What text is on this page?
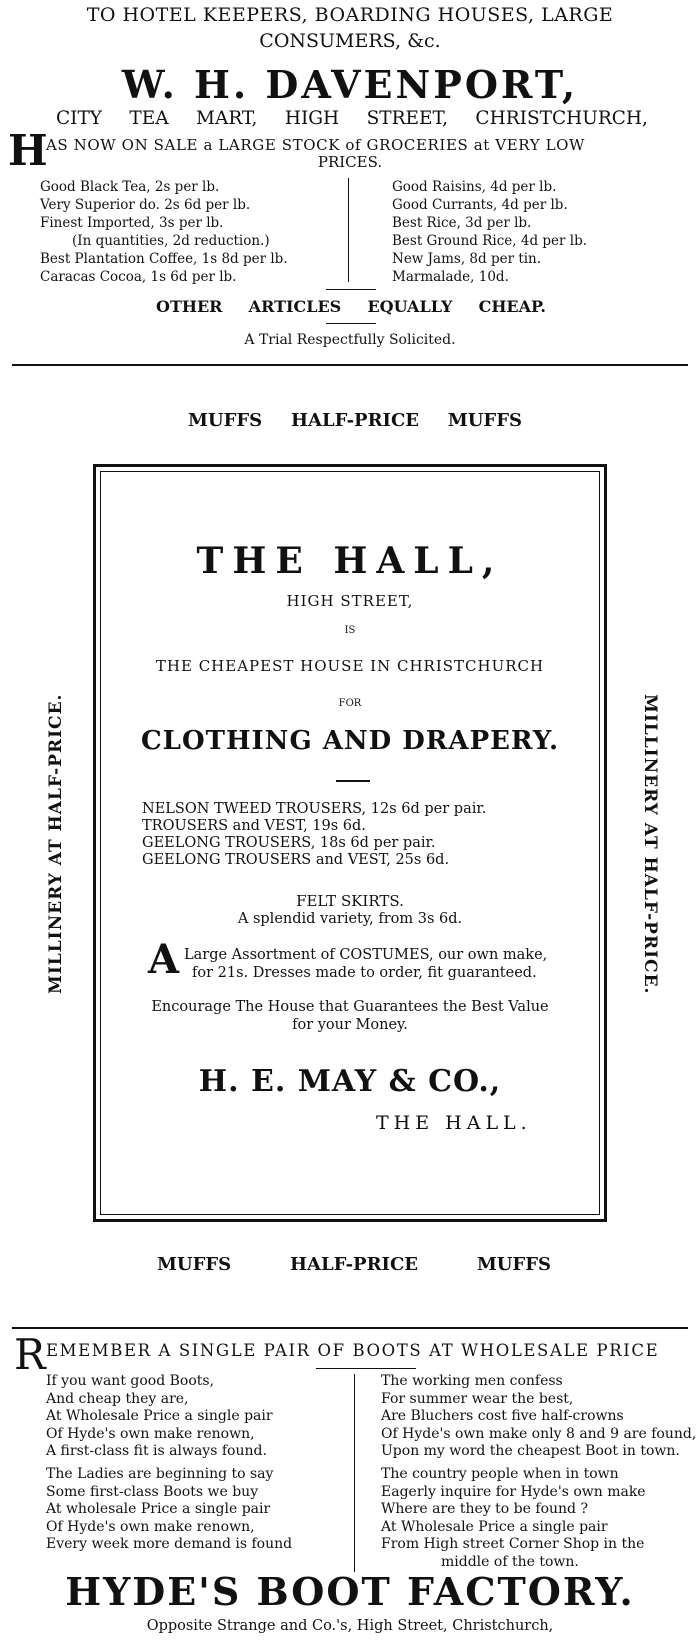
TO HOTEL KEEPERS, BOARDING HOUSES, LARGE
CONSUMERS, &c.
W. H. DAVENPORT,
CITY TEA MART, HIGH STREET, CHRISTCHURCH,
H
AS NOW ON SALE a LARGE STOCK of GROCERIES at VERY LOW
PRICES.
Good Black Tea, 2s per lb.
Very Superior do. 2s 6d per lb.
Finest Imported, 3s per lb.
(In quantities, 2d reduction.)
Best Plantation Coffee, 1s 8d per lb.
Caracas Cocoa, 1s 6d per lb.
Good Raisins, 4d per lb.
Good Currants, 4d per lb.
Best Rice, 3d per lb.
Best Ground Rice, 4d per lb.
New Jams, 8d per tin.
Marmalade, 10d.
OTHER ARTICLES EQUALLY CHEAP.
A Trial Respectfully Solicited.
MUFFS HALF-PRICE MUFFS
MILLINERY AT HALF-PRICE.	MILLINERY AT HALF-PRICE.
THE HALL,
HIGH STREET,
IS
THE CHEAPEST HOUSE IN CHRISTCHURCH
FOR
CLOTHING AND DRAPERY.
NELSON TWEED TROUSERS, 12s 6d per pair.
TROUSERS and VEST, 19s 6d.
GEELONG TROUSERS, 18s 6d per pair.
GEELONG TROUSERS and VEST, 25s 6d.
FELT SKIRTS.
A splendid variety, from 3s 6d.
A Large Assortment of COSTUMES, our own make,
for 21s. Dresses made to order, fit guaranteed.
Encourage The House that Guarantees the Best Value
for your Money.
H. E. MAY & CO.,
THE HALL.
MUFFS	HALF-PRICE	MUFFS
R EMEMBER A SINGLE PAIR OF BOOTS AT WHOLESALE PRICE
If you want good Boots,
And cheap they are,
At Wholesale Price a single pair
Of Hyde's own make renown,
A first-class fit is always found.
The Ladies are beginning to say
Some first-class Boots we buy
At wholesale Price a single pair
Of Hyde's own make renown,
Every week more demand is found
The working men confess
For summer wear the best,
Are Bluchers cost five half-crowns
Of Hyde's own make only 8 and 9 are found,
Upon my word the cheapest Boot in town.
The country people when in town
Eagerly inquire for Hyde's own make
Where are they to be found ?
At Wholesale Price a single pair
From High street Corner Shop in the
middle of the town.
HYDE'S BOOT FACTORY.
Opposite Strange and Co.'s, High Street, Christchurch,
